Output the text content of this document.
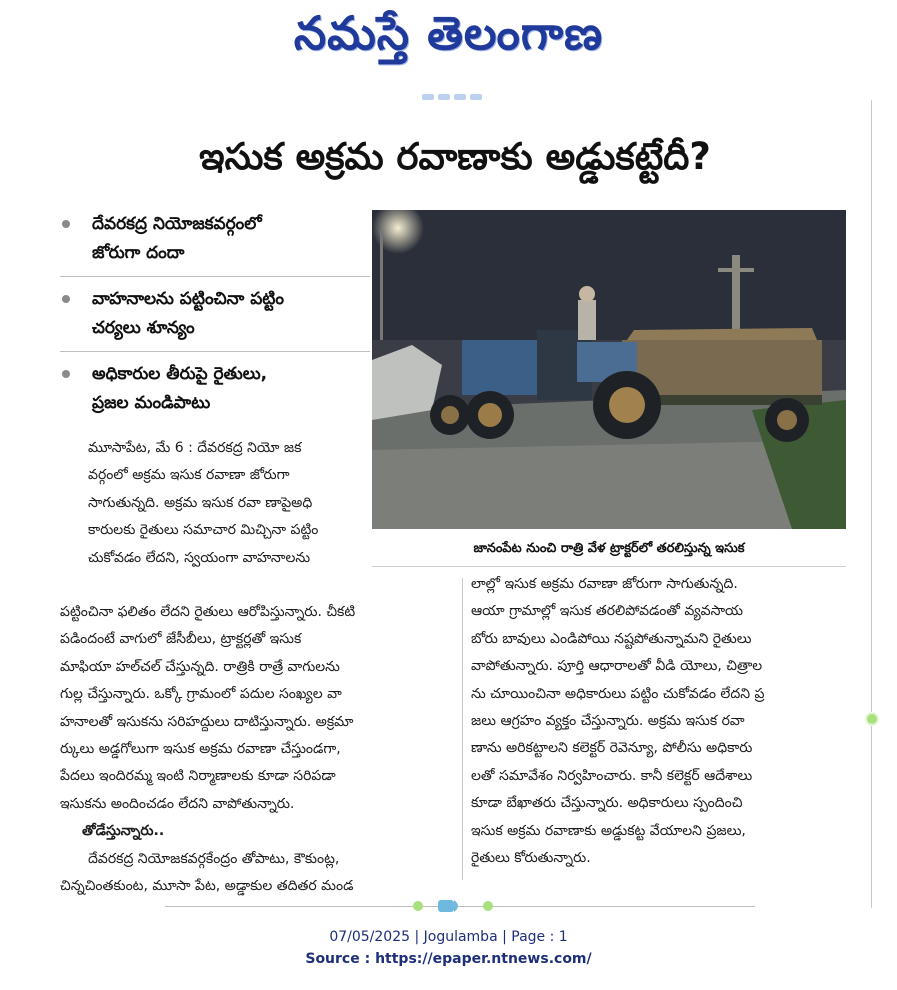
నమస్తే తెలంగాణ
ఇసుక అక్రమ రవాణాకు అడ్డుకట్టేదీ?
దేవరకద్ర నియోజకవర్గంలో
జోరుగా దందా
వాహనాలను పట్టించినా పట్టిం
చర్యలు శూన్యం
అధికారుల తీరుపై రైతులు,
ప్రజల మండిపాటు
జానంపేట నుంచి రాత్రి వేళ ట్రాక్టర్‌లో తరలిస్తున్న ఇసుక
మూసాపేట, మే 6 : దేవరకద్ర నియో జక
వర్గంలో అక్రమ ఇసుక రవాణా జోరుగా
సాగుతున్నది. అక్రమ ఇసుక రవా ణాపైఅధి
కారులకు రైతులు సమాచార మిచ్చినా పట్టిం
చుకోవడం లేదని, స్వయంగా వాహనాలను
పట్టించినా ఫలితం లేదని రైతులు ఆరోపిస్తున్నారు. చీకటి
పడిందంటే వాగులో జేసీబీలు, ట్రాక్టర్లతో ఇసుక
మాఫియా హల్‌చల్ చేస్తున్నది. రాత్రికి రాత్రే వాగులను
గుల్ల చేస్తున్నారు. ఒక్కో గ్రామంలో పదుల సంఖ్యల వా
హనాలతో ఇసుకను సరిహద్దులు దాటిస్తున్నారు. అక్రమా
ర్కులు అడ్డగోలుగా ఇసుక అక్రమ రవాణా చేస్తుండగా,
పేదలు ఇందిరమ్మ ఇంటి నిర్మాణాలకు కూడా సరిపడా
ఇసుకను అందించడం లేదని వాపోతున్నారు.
తోడేస్తున్నారు..
దేవరకద్ర నియోజకవర్గకేంద్రం తోపాటు, కౌకుంట్ల,
చిన్నచింతకుంట, మూసా పేట, అడ్డాకుల తదితర మండ
లాల్లో ఇసుక అక్రమ రవాణా జోరుగా సాగుతున్నది.
ఆయా గ్రామాల్లో ఇసుక తరలిపోవడంతో వ్యవసాయ
బోరు బావులు ఎండిపోయి నష్టపోతున్నామని రైతులు
వాపోతున్నారు. పూర్తి ఆధారాలతో వీడి యోలు, చిత్రాల
ను చూయించినా అధికారులు పట్టిం చుకోవడం లేదని ప్ర
జలు ఆగ్రహం వ్యక్తం చేస్తున్నారు. అక్రమ ఇసుక రవా
ణాను అరికట్టాలని కలెక్టర్ రెవెన్యూ, పోలీసు అధికారు
లతో సమావేశం నిర్వహించారు. కానీ కలెక్టర్ ఆదేశాలు
కూడా బేఖాతరు చేస్తున్నారు. అధికారులు స్పందించి
ఇసుక అక్రమ రవాణాకు అడ్డుకట్ట వేయాలని ప్రజలు,
రైతులు కోరుతున్నారు.
07/05/2025 | Jogulamba | Page : 1
Source : https://epaper.ntnews.com/
